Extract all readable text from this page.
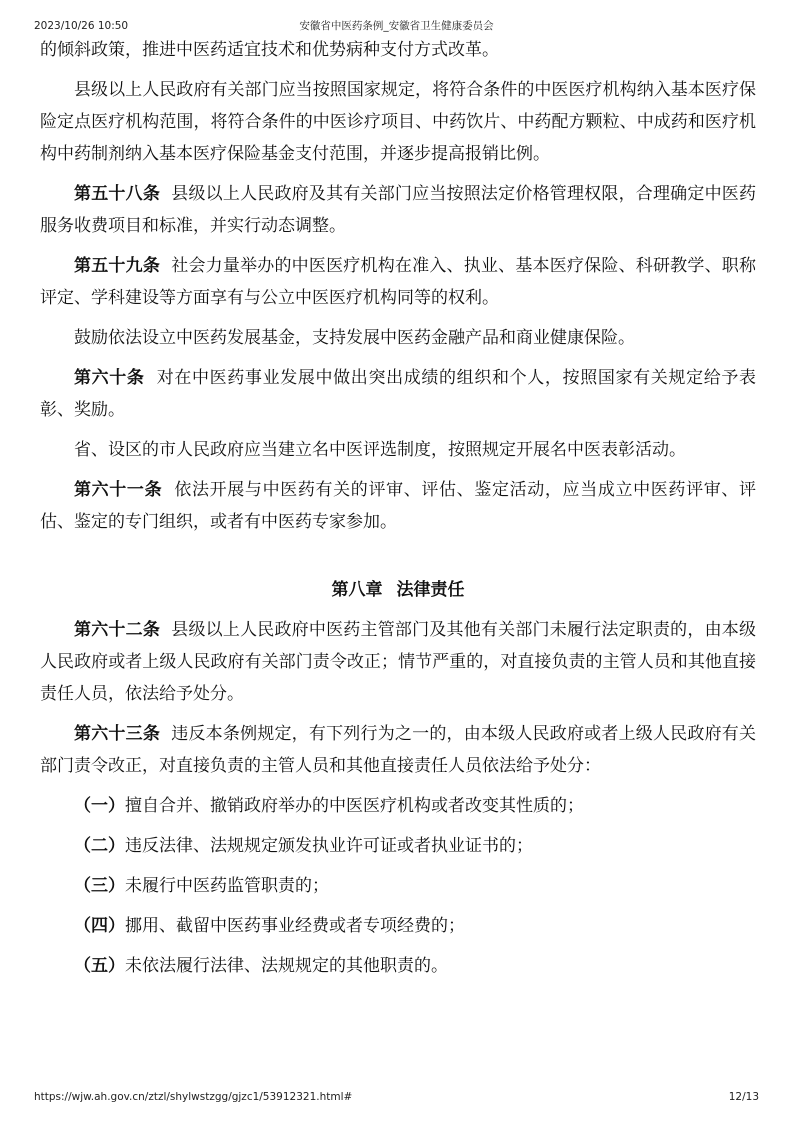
2023/10/26 10:50	安徽省中医药条例_安徽省卫生健康委员会

的倾斜政策，推进中医药适宜技术和优势病种支付方式改革。

县级以上人民政府有关部门应当按照国家规定，将符合条件的中医医疗机构纳入基本医疗保险定点医疗机构范围，将符合条件的中医诊疗项目、中药饮片、中药配方颗粒、中成药和医疗机构中药制剂纳入基本医疗保险基金支付范围，并逐步提高报销比例。

第五十八条 县级以上人民政府及其有关部门应当按照法定价格管理权限，合理确定中医药服务收费项目和标准，并实行动态调整。

第五十九条 社会力量举办的中医医疗机构在准入、执业、基本医疗保险、科研教学、职称评定、学科建设等方面享有与公立中医医疗机构同等的权利。

鼓励依法设立中医药发展基金，支持发展中医药金融产品和商业健康保险。

第六十条 对在中医药事业发展中做出突出成绩的组织和个人，按照国家有关规定给予表彰、奖励。

省、设区的市人民政府应当建立名中医评选制度，按照规定开展名中医表彰活动。

第六十一条 依法开展与中医药有关的评审、评估、鉴定活动，应当成立中医药评审、评估、鉴定的专门组织，或者有中医药专家参加。

第八章 法律责任

第六十二条 县级以上人民政府中医药主管部门及其他有关部门未履行法定职责的，由本级人民政府或者上级人民政府有关部门责令改正；情节严重的，对直接负责的主管人员和其他直接责任人员，依法给予处分。

第六十三条 违反本条例规定，有下列行为之一的，由本级人民政府或者上级人民政府有关部门责令改正，对直接负责的主管人员和其他直接责任人员依法给予处分：

（一）擅自合并、撤销政府举办的中医医疗机构或者改变其性质的；

（二）违反法律、法规规定颁发执业许可证或者执业证书的；

（三）未履行中医药监管职责的；

（四）挪用、截留中医药事业经费或者专项经费的；

（五）未依法履行法律、法规规定的其他职责的。

https://wjw.ah.gov.cn/ztzl/shylwstzgg/gjzc1/53912321.html#	12/13
